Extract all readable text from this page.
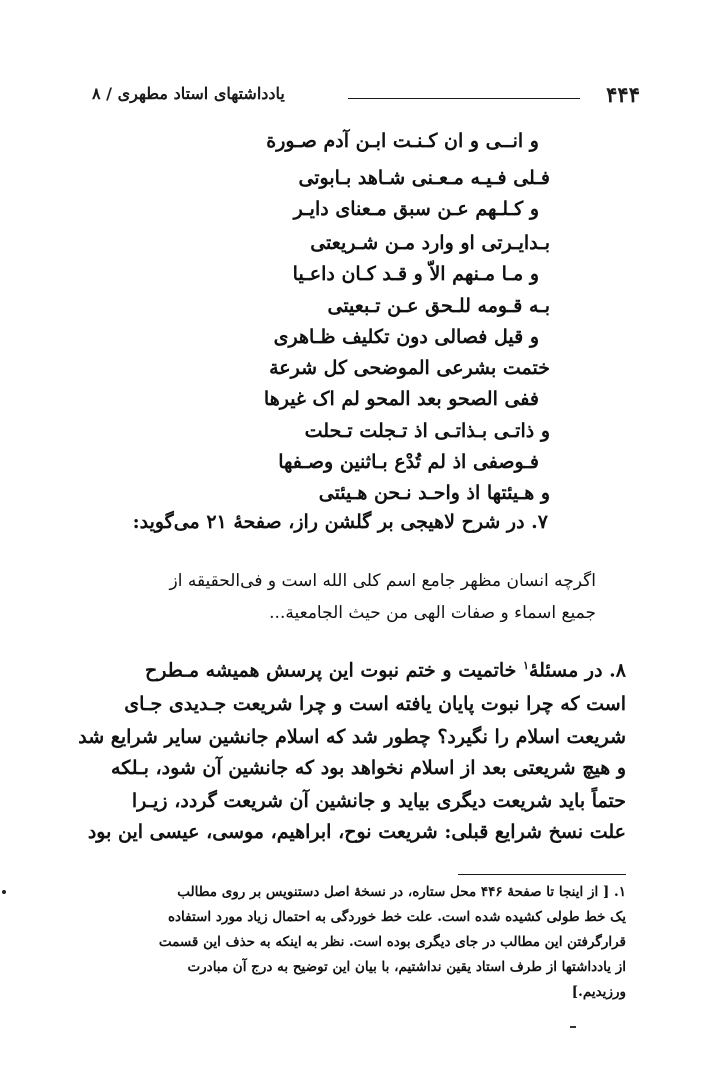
۴۴۴
یادداشتهای استاد مطهری / ۸
و انــی و ان کـنـت ابـن آدم صـورة
فـلی فـیـه مـعـنی شـاهد بـابوتی
و کـلـهم عـن سبق مـعنای دایـر
بـدایـرتی او وارد مـن شـریعتی
و مـا مـنهم الاّ و قـد کـان داعـیا
بـه قـومه للـحق عـن تـبعیتی
و قیل فصالی دون تکلیف ظـاهری
ختمت بشرعی الموضحی کل شرعة
ففی الصحو بعد المحو لم اک غیرها
و ذاتـی بـذاتـی اذ تـجلت تـحلت
فـوصفی اذ لم تُدْع بـاثنین وصـفها
و هـیئتها اذ واحـد نـحن هـیئتی
۷. در شرح لاهیجی بر گلشن راز، صفحهٔ ۲۱ می‌گوید:
اگرچه انسان مظهر جامع اسم کلی الله است و فی‌الحقیقه از
جمیع اسماء و صفات الهی من حیث الجامعیة...
۸. در مسئلهٔ$^۱$ خاتمیت و ختم نبوت این پرسش همیشه مـطرح
است که چرا نبوت پایان یافته است و چرا شریعت جـدیدی جـای
شریعت اسلام را نگیرد؟ چطور شد که اسلام جانشین سایر شرایع شد
و هیچ شریعتی بعد از اسلام نخواهد بود که جانشین آن شود، بـلکه
حتماً باید شریعت دیگری بیاید و جانشین آن شریعت گردد، زیـرا
علت نسخ شرایع قبلی: شریعت نوح، ابراهیم، موسی، عیسی این بود
۱. [ از اینجا تا صفحهٔ ۴۴۶ محل ستاره، در نسخهٔ اصل دستنویس بر روی مطالب
یک خط طولی کشیده شده است. علت خط خوردگی به احتمال زیاد مورد استفاده
قرارگرفتن این مطالب در جای دیگری بوده است. نظر به اینکه به حذف این قسمت
از یادداشتها از طرف استاد یقین نداشتیم، با بیان این توضیح به درج آن مبادرت
ورزیدیم.]
